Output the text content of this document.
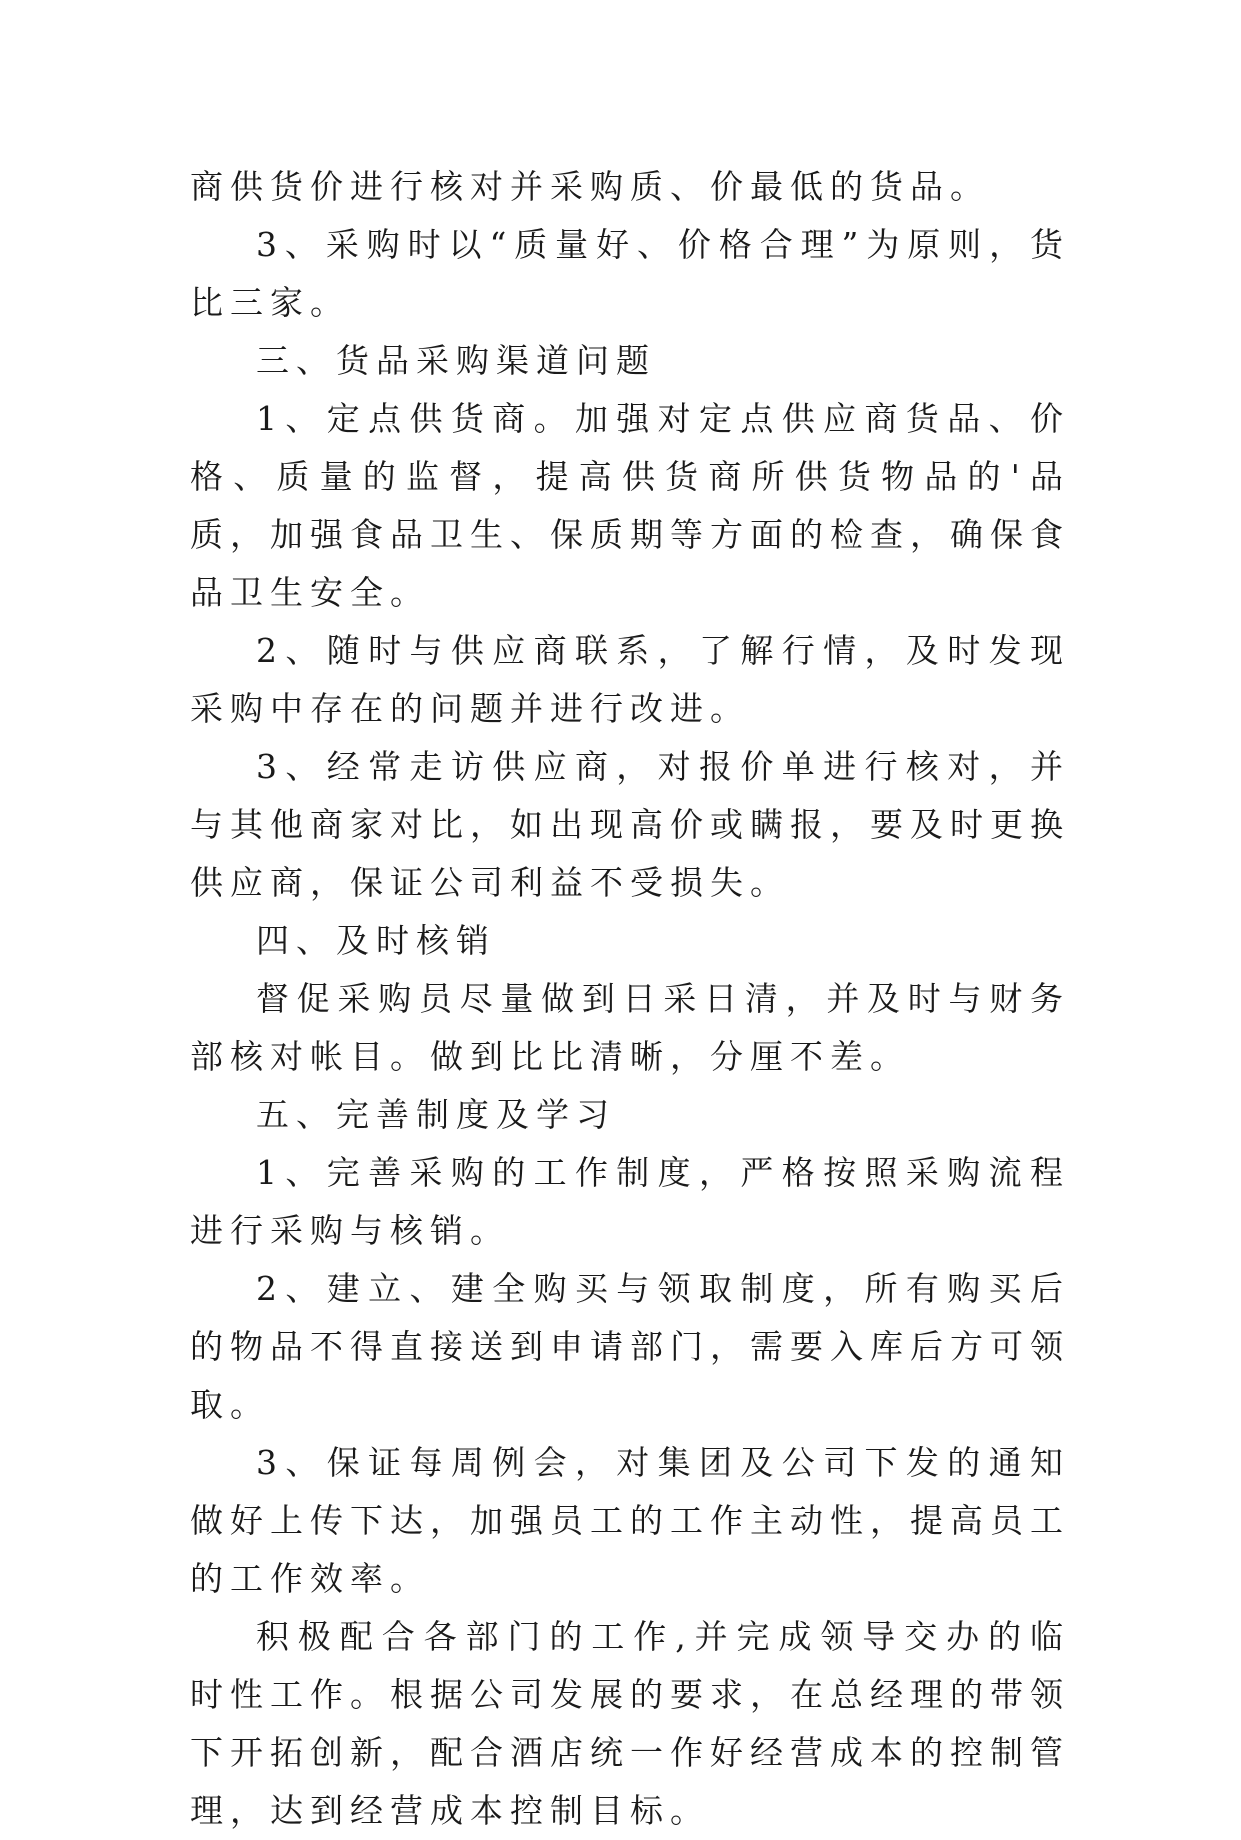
商供货价进行核对并采购质、价最低的货品。

3、采购时以“质量好、价格合理”为原则，货比三家。

三、货品采购渠道问题

1、定点供货商。加强对定点供应商货品、价格、质量的监督，提高供货商所供货物品的'品质，加强食品卫生、保质期等方面的检查，确保食品卫生安全。

2、随时与供应商联系，了解行情，及时发现采购中存在的问题并进行改进。

3、经常走访供应商，对报价单进行核对，并与其他商家对比，如出现高价或瞒报，要及时更换供应商，保证公司利益不受损失。

四、及时核销

督促采购员尽量做到日采日清，并及时与财务部核对帐目。做到比比清晰，分厘不差。

五、完善制度及学习

1、完善采购的工作制度，严格按照采购流程进行采购与核销。

2、建立、建全购买与领取制度，所有购买后的物品不得直接送到申请部门，需要入库后方可领取。

3、保证每周例会，对集团及公司下发的通知做好上传下达，加强员工的工作主动性，提高员工的工作效率。

积极配合各部门的工作,并完成领导交办的临时性工作。根据公司发展的要求，在总经理的带领下开拓创新，配合酒店统一作好经营成本的控制管理，达到经营成本控制目标。
